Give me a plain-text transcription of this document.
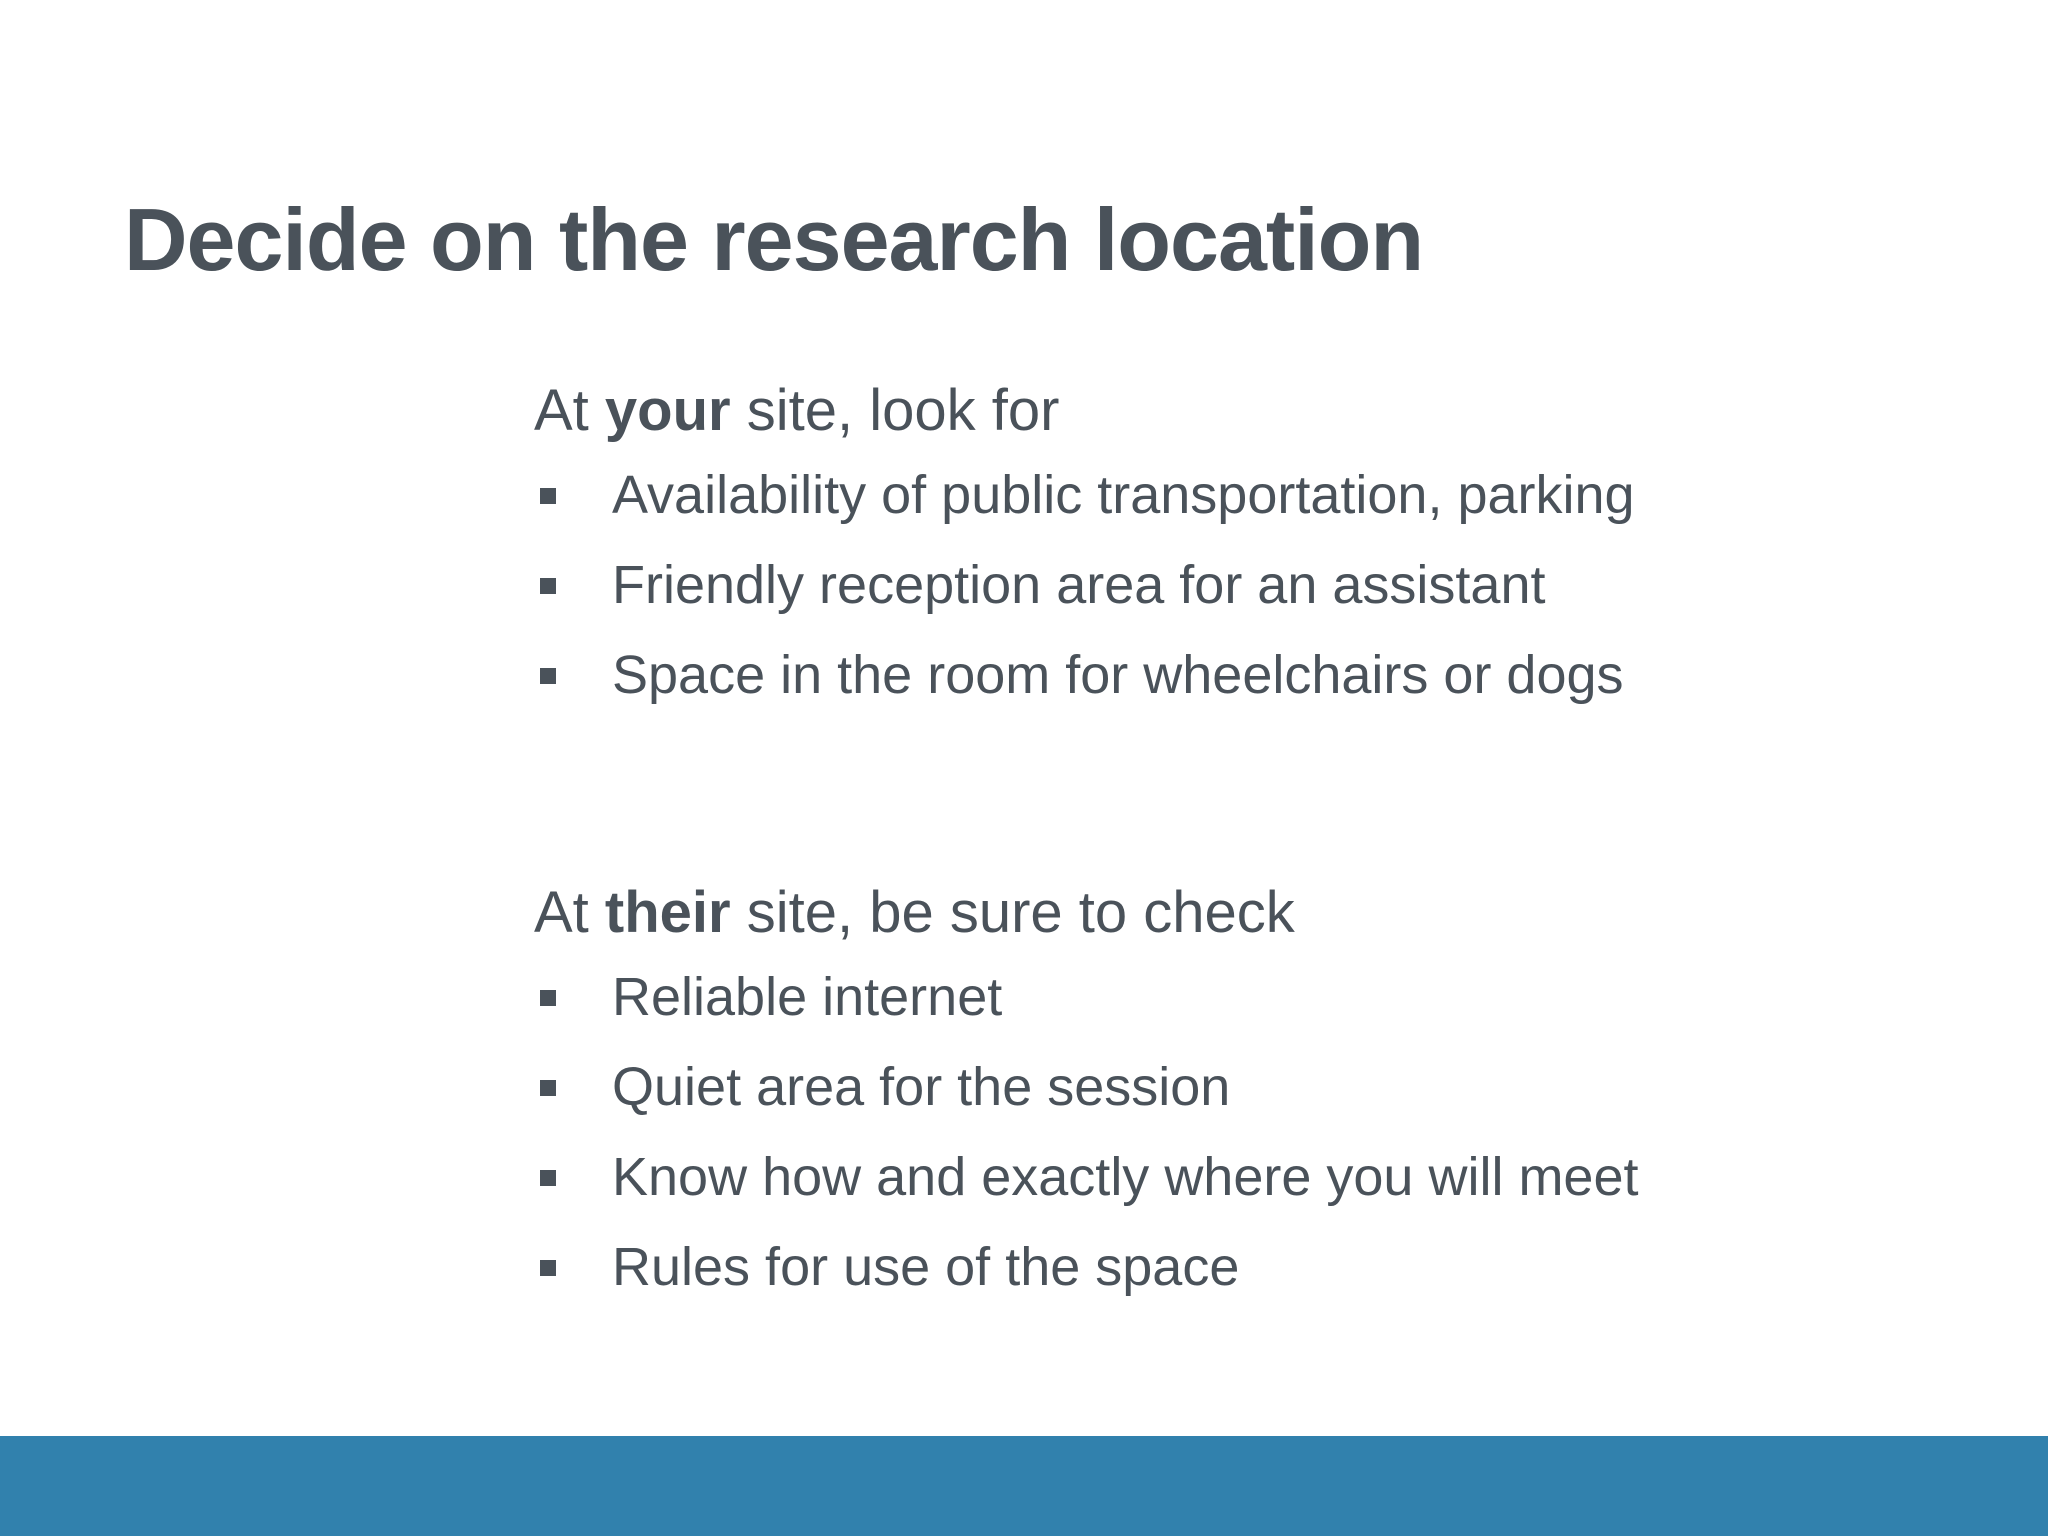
Decide on the research location
At your site, look for
Availability of public transportation, parking
Friendly reception area for an assistant
Space in the room for wheelchairs or dogs
At their site, be sure to check
Reliable internet
Quiet area for the session
Know how and exactly where you will meet
Rules for use of the space
